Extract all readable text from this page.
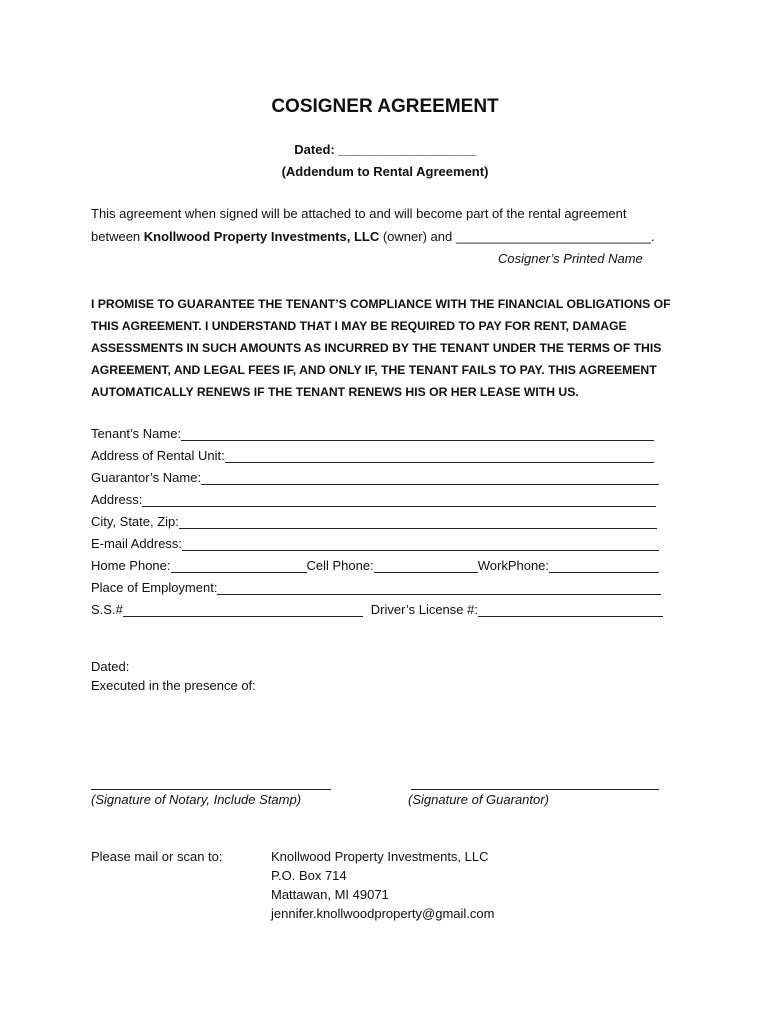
COSIGNER AGREEMENT
Dated: ___________________
(Addendum to Rental Agreement)
This agreement when signed will be attached to and will become part of the rental agreement
between Knollwood Property Investments, LLC (owner) and ___________________________.
Cosigner’s Printed Name
I PROMISE TO GUARANTEE THE TENANT’S COMPLIANCE WITH THE FINANCIAL OBLIGATIONS OF THIS AGREEMENT. I UNDERSTAND THAT I MAY BE REQUIRED TO PAY FOR RENT, DAMAGE ASSESSMENTS IN SUCH AMOUNTS AS INCURRED BY THE TENANT UNDER THE TERMS OF THIS AGREEMENT, AND LEGAL FEES IF, AND ONLY IF, THE TENANT FAILS TO PAY. THIS AGREEMENT AUTOMATICALLY RENEWS IF THE TENANT RENEWS HIS OR HER LEASE WITH US.
Tenant’s Name:
Address of Rental Unit:
Guarantor’s Name:
Address:
City, State, Zip:
E-mail Address:
Home Phone:	Cell Phone:	WorkPhone:
Place of Employment:
S.S.#	Driver’s License #:
Dated:
Executed in the presence of:
(Signature of Notary, Include Stamp)	(Signature of Guarantor)
Please mail or scan to:	Knollwood Property Investments, LLC
P.O. Box 714
Mattawan, MI 49071
jennifer.knollwoodproperty@gmail.com
